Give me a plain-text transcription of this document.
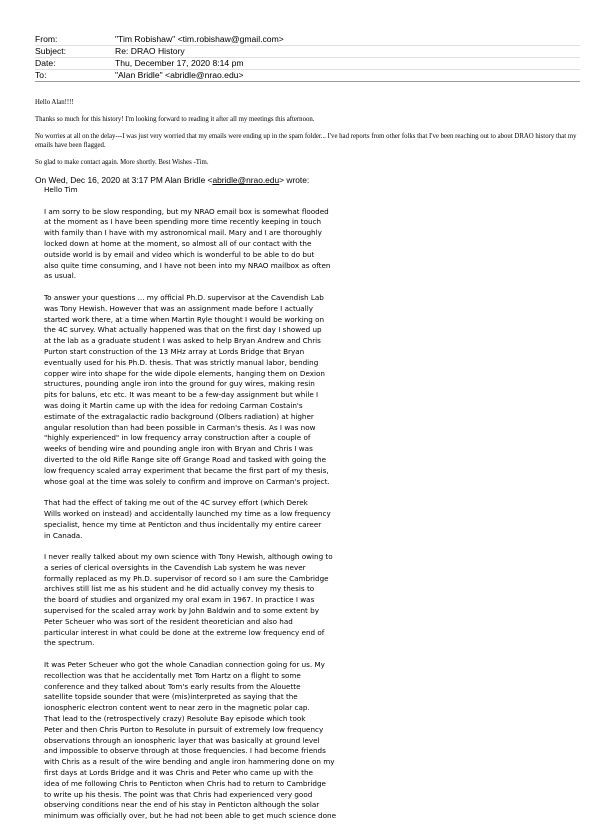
From:	"Tim Robishaw" <tim.robishaw@gmail.com>
Subject:	Re: DRAO History
Date:	Thu, December 17, 2020 8:14 pm
To:	"Alan Bridle" <abridle@nrao.edu>

Hello Alan!!!!

Thanks so much for this history! I'm looking forward to reading it after all my meetings this afternoon.

No worries at all on the delay---I was just very worried that my emails were ending up in the spam folder... I've had reports from other folks that I've been reaching out to about DRAO history that my emails have been flagged.

So glad to make contact again. More shortly. Best Wishes -Tim.

On Wed, Dec 16, 2020 at 3:17 PM Alan Bridle <abridle@nrao.edu> wrote:

Hello Tim

I am sorry to be slow responding, but my NRAO email box is somewhat flooded
at the moment as I have been spending more time recently keeping in touch
with family than I have with my astronomical mail. Mary and I are thoroughly
locked down at home at the moment, so almost all of our contact with the
outside world is by email and video which is wonderful to be able to do but
also quite time consuming, and I have not been into my NRAO mailbox as often
as usual.

To answer your questions ... my official Ph.D. supervisor at the Cavendish Lab
was Tony Hewish. However that was an assignment made before I actually
started work there, at a time when Martin Ryle thought I would be working on
the 4C survey. What actually happened was that on the first day I showed up
at the lab as a graduate student I was asked to help Bryan Andrew and Chris
Purton start construction of the 13 MHz array at Lords Bridge that Bryan
eventually used for his Ph.D. thesis. That was strictly manual labor, bending
copper wire into shape for the wide dipole elements, hanging them on Dexion
structures, pounding angle iron into the ground for guy wires, making resin
pits for baluns, etc etc. It was meant to be a few-day assignment but while I
was doing it Martin came up with the idea for redoing Carman Costain's
estimate of the extragalactic radio background (Olbers radiation) at higher
angular resolution than had been possible in Carman's thesis. As I was now
"highly experienced" in low frequency array construction after a couple of
weeks of bending wire and pounding angle iron with Bryan and Chris I was
diverted to the old Rifle Range site off Grange Road and tasked with going the
low frequency scaled array experiment that became the first part of my thesis,
whose goal at the time was solely to confirm and improve on Carman's project.

That had the effect of taking me out of the 4C survey effort (which Derek
Wills worked on instead) and accidentally launched my time as a low frequency
specialist, hence my time at Penticton and thus incidentally my entire career
in Canada.

I never really talked about my own science with Tony Hewish, although owing to
a series of clerical oversights in the Cavendish Lab system he was never
formally replaced as my Ph.D. supervisor of record so I am sure the Cambridge
archives still list me as his student and he did actually convey my thesis to
the board of studies and organized my oral exam in 1967. In practice I was
supervised for the scaled array work by John Baldwin and to some extent by
Peter Scheuer who was sort of the resident theoretician and also had
particular interest in what could be done at the extreme low frequency end of
the spectrum.

It was Peter Scheuer who got the whole Canadian connection going for us. My
recollection was that he accidentally met Tom Hartz on a flight to some
conference and they talked about Tom's early results from the Alouette
satellite topside sounder that were (mis)interpreted as saying that the
ionospheric electron content went to near zero in the magnetic polar cap.
That lead to the (retrospectively crazy) Resolute Bay episode which took
Peter and then Chris Purton to Resolute in pursuit of extremely low frequency
observations through an ionospheric layer that was basically at ground level
and impossible to observe through at those frequencies. I had become friends
with Chris as a result of the wire bending and angle iron hammering done on my
first days at Lords Bridge and it was Chris and Peter who came up with the
idea of me following Chris to Penticton when Chris had to return to Cambridge
to write up his thesis. The point was that Chris had experienced very good
observing conditions near the end of his stay in Penticton although the solar
minimum was officially over, but he had not been able to get much science done
